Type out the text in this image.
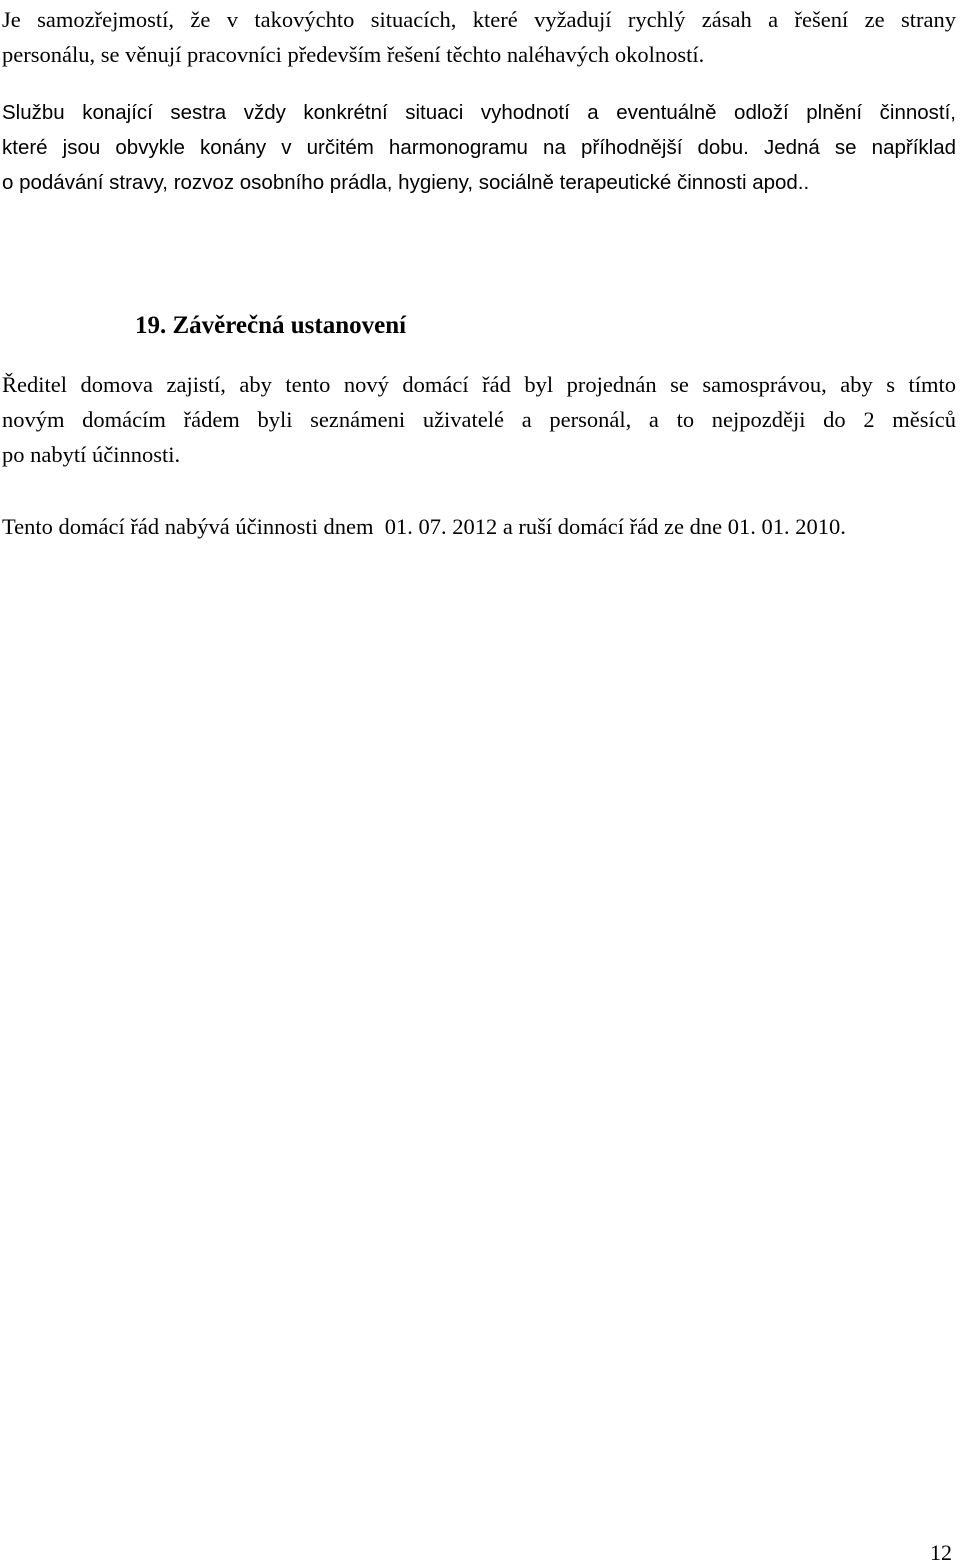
Je samozřejmostí, že v takovýchto situacích, které vyžadují rychlý zásah a řešení ze strany
personálu, se věnují pracovníci především řešení těchto naléhavých okolností.

Službu konající sestra vždy konkrétní situaci vyhodnotí a eventuálně odloží plnění činností,
které jsou obvykle konány v určitém harmonogramu na příhodnější dobu. Jedná se například
o podávání stravy, rozvoz osobního prádla, hygieny, sociálně terapeutické činnosti apod..

19. Závěrečná ustanovení

Ředitel domova zajistí, aby tento nový domácí řád byl projednán se samosprávou, aby s tímto
novým domácím řádem byli seznámeni uživatelé a personál, a to nejpozději do 2 měsíců
po nabytí účinnosti.

Tento domácí řád nabývá účinnosti dnem  01. 07. 2012 a ruší domácí řád ze dne 01. 01. 2010.

12
